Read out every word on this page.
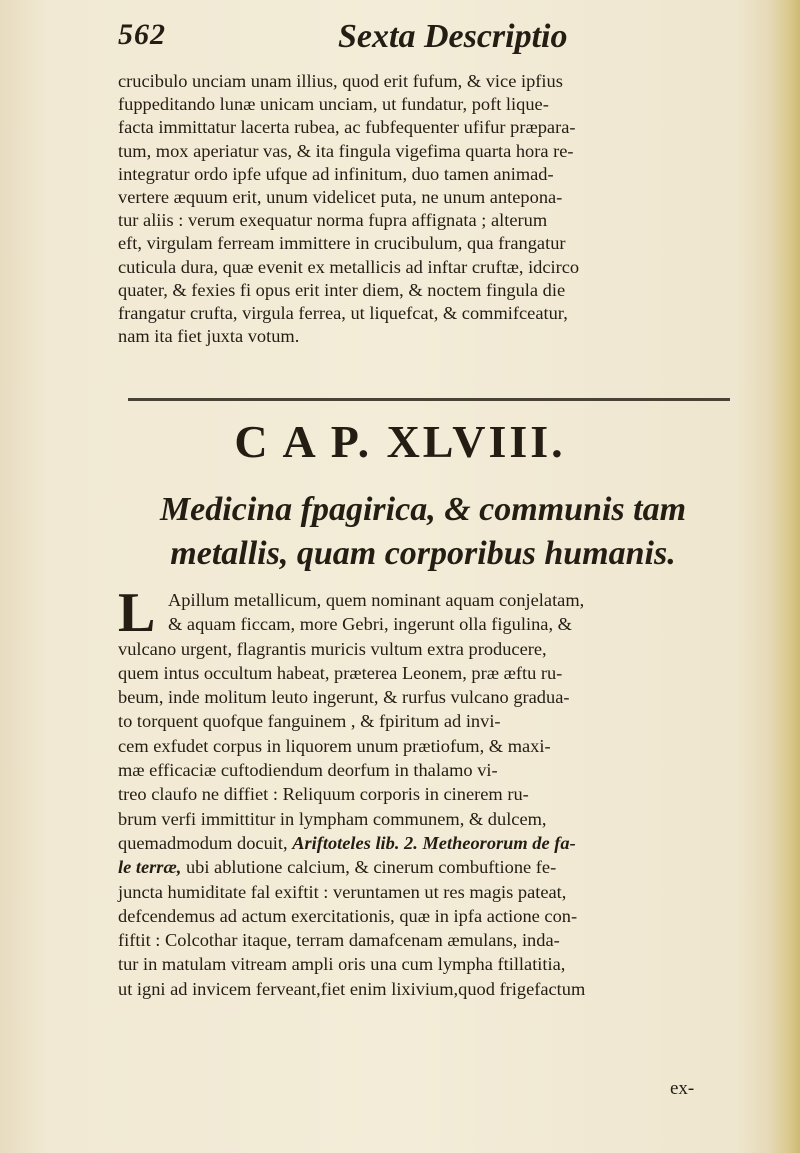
562	Sexta Descriptio
crucibulo unciam unam illius, quod erit fufum, & vice ipfius
fuppeditando lunæ unicam unciam, ut fundatur, poft lique-
facta immittatur lacerta rubea, ac fubfequenter ufifur præpara-
tum, mox aperiatur vas, & ita fingula vigefima quarta hora re-
integratur ordo ipfe ufque ad infinitum, duo tamen animad-
vertere æquum erit, unum videlicet puta, ne unum antepona-
tur aliis : verum exequatur norma fupra affignata ; alterum
eft, virgulam ferream immittere in crucibulum, qua frangatur
cuticula dura, quæ evenit ex metallicis ad inftar cruftæ, idcirco
quater, & fexies fi opus erit inter diem, & noctem fingula die
frangatur crufta, virgula ferrea, ut liquefcat, & commifceatur,
nam ita fiet juxta votum.
C A P. XLVIII.
Medicina fpagirica, & communis tam
metallis, quam corporibus humanis.
L Apillum metallicum, quem nominant aquam conjelatam,
& aquam ficcam, more Gebri, ingerunt olla figulina, &
vulcano urgent, flagrantis muricis vultum extra producere,
quem intus occultum habeat, præterea Leonem, præ æftu ru-
beum, inde molitum leuto ingerunt, & rurfus vulcano gradua-
to torquent quofque fanguinem , & fpiritum ad invi-
cem exfudet corpus in liquorem unum prætiofum, & maxi-
mæ efficaciæ cuftodiendum deorfum in thalamo vi-
treo claufo ne diffiet : Reliquum corporis in cinerem ru-
brum verfi immittitur in lympham communem, & dulcem,
quemadmodum docuit, Ariftoteles lib. 2. Metheororum de fa-
le terræ, ubi ablutione calcium, & cinerum combuftione fe-
juncta humiditate fal exiftit : veruntamen ut res magis pateat,
defcendemus ad actum exercitationis, quæ in ipfa actione con-
fiftit : Colcothar itaque, terram damafcenam æmulans, inda-
tur in matulam vitream ampli oris una cum lympha ftillatitia,
ut igni ad invicem ferveant,fiet enim lixivium,quod frigefactum
ex-
